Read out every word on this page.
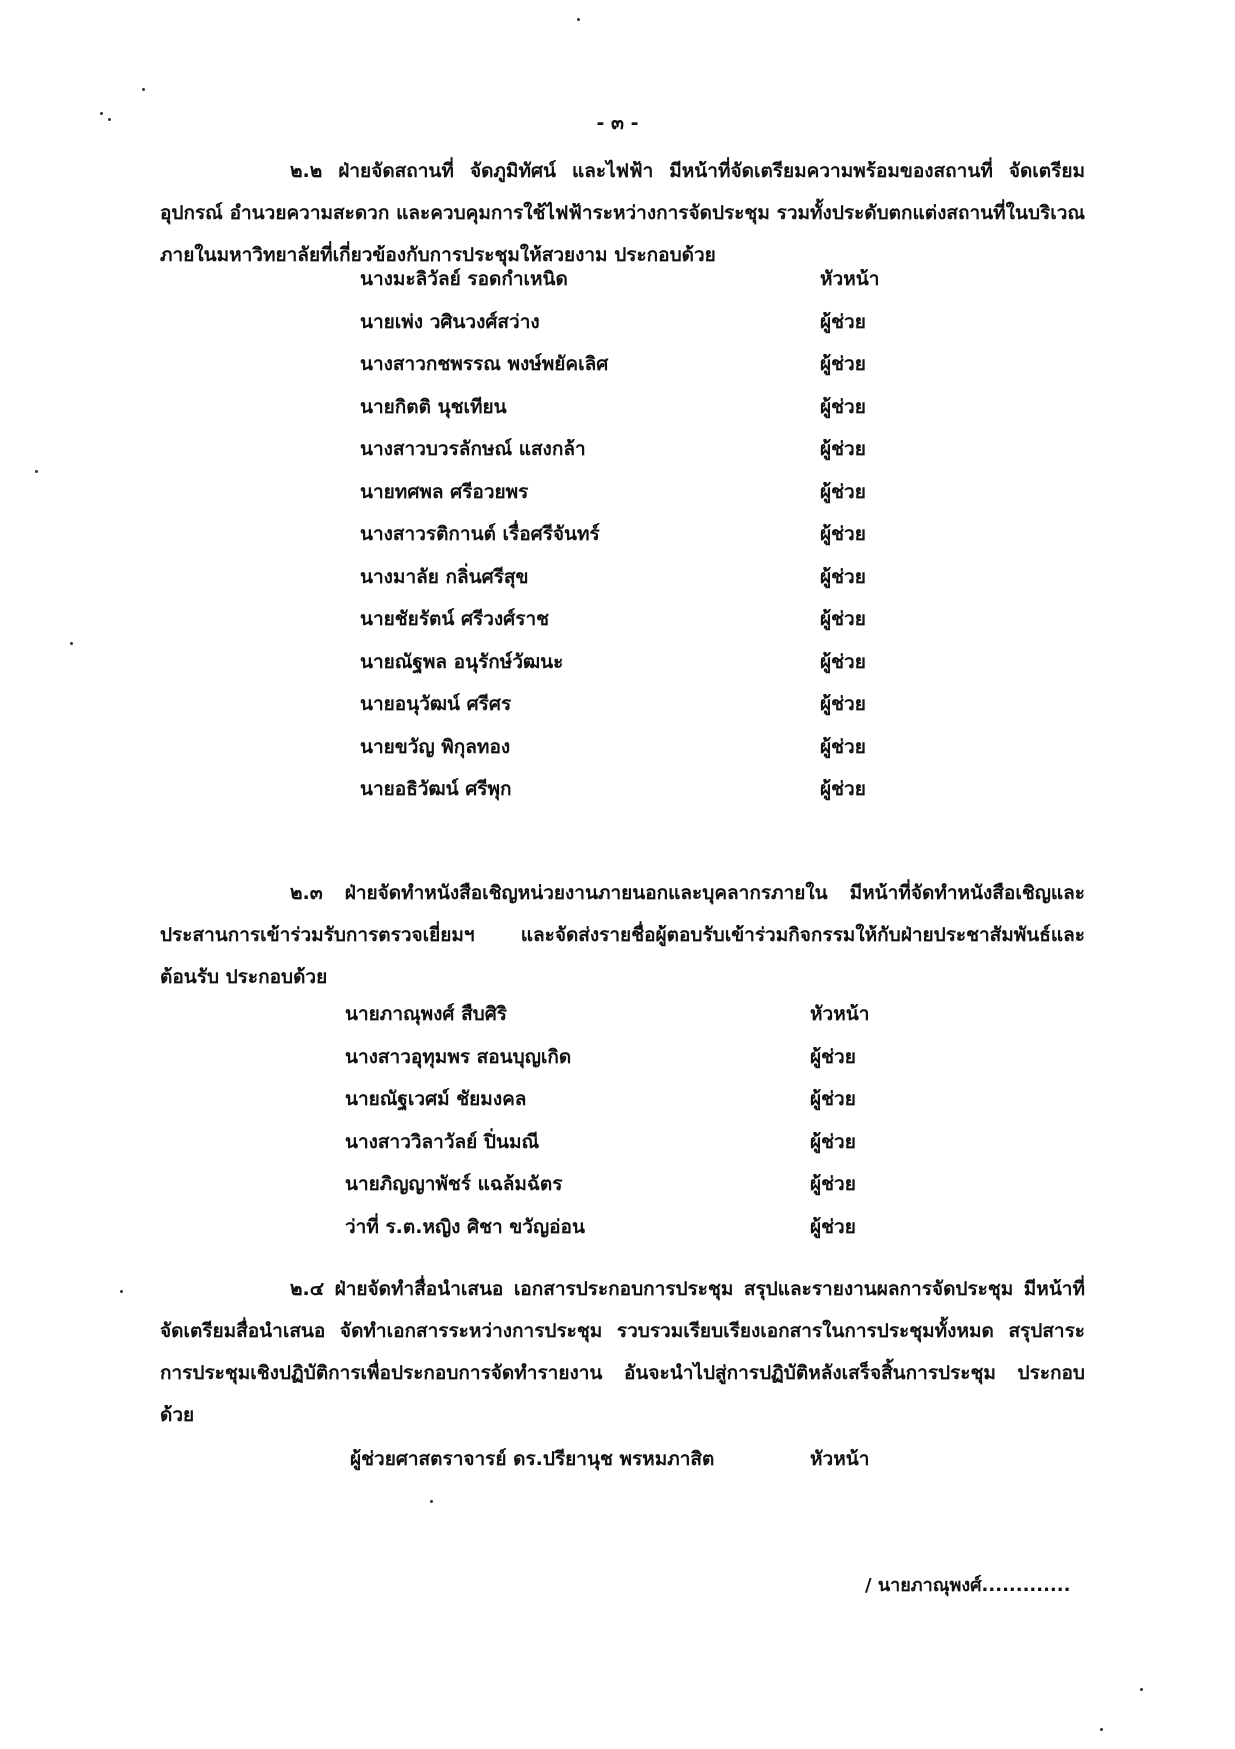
- ๓ -

๒.๒ ฝ่ายจัดสถานที่ จัดภูมิทัศน์ และไฟฟ้า มีหน้าที่จัดเตรียมความพร้อมของสถานที่ จัดเตรียมอุปกรณ์ อำนวยความสะดวก และควบคุมการใช้ไฟฟ้าระหว่างการจัดประชุม รวมทั้งประดับตกแต่งสถานที่ในบริเวณภายในมหาวิทยาลัยที่เกี่ยวข้องกับการประชุมให้สวยงาม ประกอบด้วย

นางมะลิวัลย์ รอดกำเหนิด	หัวหน้า
นายเพ่ง วศินวงศ์สว่าง	ผู้ช่วย
นางสาวกชพรรณ พงษ์พยัคเลิศ	ผู้ช่วย
นายกิตติ นุชเทียน	ผู้ช่วย
นางสาวบวรลักษณ์ แสงกล้า	ผู้ช่วย
นายทศพล ศรีอวยพร	ผู้ช่วย
นางสาวรติกานต์ เรื่อศรีจันทร์	ผู้ช่วย
นางมาลัย กลิ่นศรีสุข	ผู้ช่วย
นายชัยรัตน์ ศรีวงศ์ราช	ผู้ช่วย
นายณัฐพล อนุรักษ์วัฒนะ	ผู้ช่วย
นายอนุวัฒน์ ศรีศร	ผู้ช่วย
นายขวัญ พิกุลทอง	ผู้ช่วย
นายอธิวัฒน์ ศรีพุก	ผู้ช่วย

๒.๓ ฝ่ายจัดทำหนังสือเชิญหน่วยงานภายนอกและบุคลากรภายใน มีหน้าที่จัดทำหนังสือเชิญและประสานการเข้าร่วมรับการตรวจเยี่ยมฯ และจัดส่งรายชื่อผู้ตอบรับเข้าร่วมกิจกรรมให้กับฝ่ายประชาสัมพันธ์และต้อนรับ ประกอบด้วย

นายภาณุพงศ์ สืบศิริ	หัวหน้า
นางสาวอุทุมพร สอนบุญเกิด	ผู้ช่วย
นายณัฐเวศม์ ชัยมงคล	ผู้ช่วย
นางสาววิลาวัลย์ ปิ่นมณี	ผู้ช่วย
นายภิญญาพัชร์ แฉล้มฉัตร	ผู้ช่วย
ว่าที่ ร.ต.หญิง ศิชา ขวัญอ่อน	ผู้ช่วย

๒.๔ ฝ่ายจัดทำสื่อนำเสนอ เอกสารประกอบการประชุม สรุปและรายงานผลการจัดประชุม มีหน้าที่ จัดเตรียมสื่อนำเสนอ จัดทำเอกสารระหว่างการประชุม รวบรวมเรียบเรียงเอกสารในการประชุมทั้งหมด สรุปสาระการประชุมเชิงปฏิบัติการเพื่อประกอบการจัดทำรายงาน อันจะนำไปสู่การปฏิบัติหลังเสร็จสิ้นการประชุม ประกอบด้วย

ผู้ช่วยศาสตราจารย์ ดร.ปรียานุช พรหมภาสิต	หัวหน้า
/ นายภาณุพงศ์.............
